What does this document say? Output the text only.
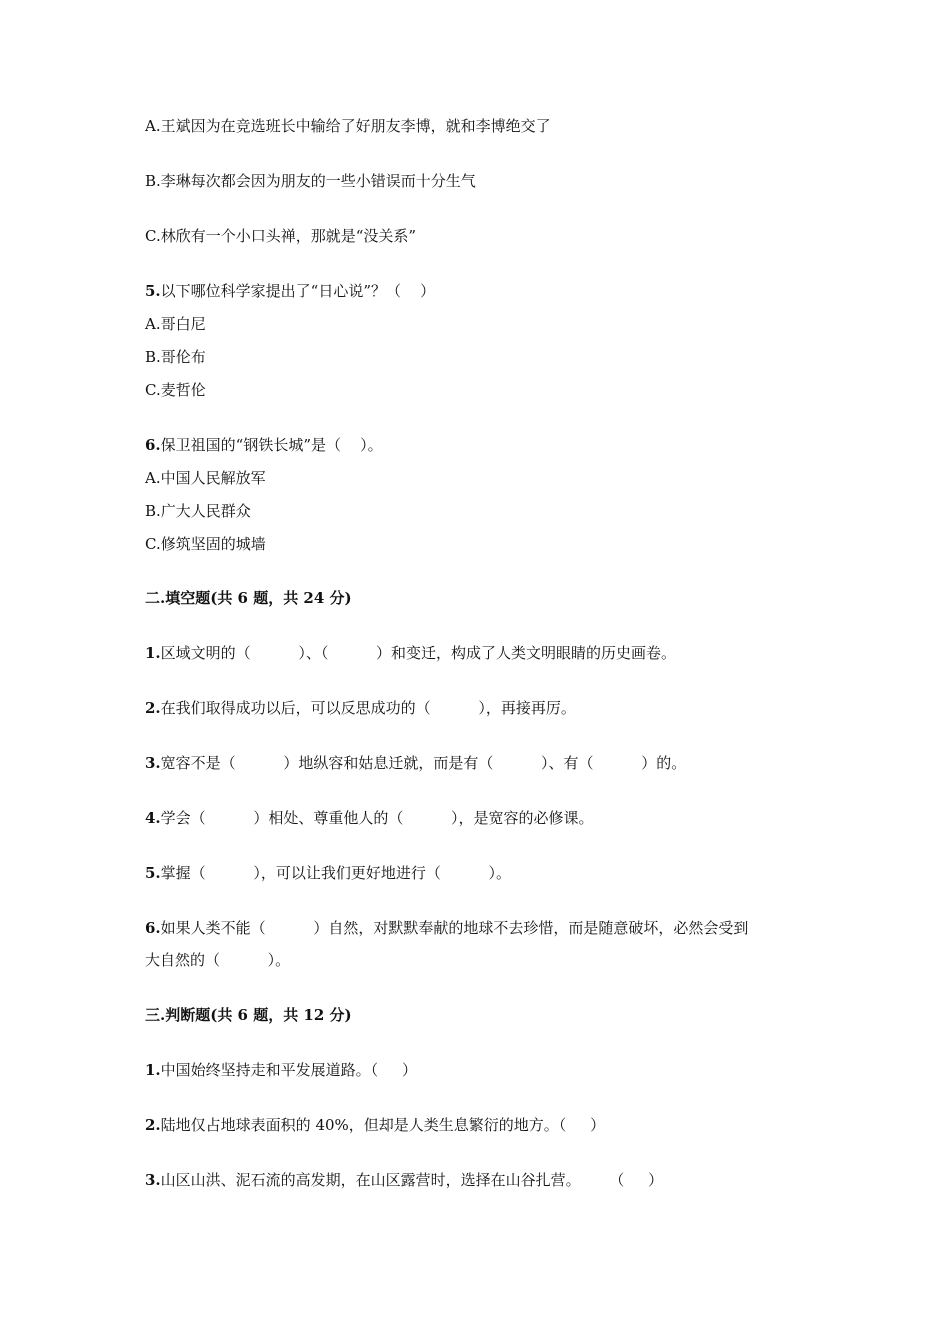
A.王斌因为在竞选班长中输给了好朋友李博，就和李博绝交了
B.李琳每次都会因为朋友的一些小错误而十分生气
C.林欣有一个小口头禅，那就是“没关系”
5.以下哪位科学家提出了“日心说”？（    ）
A.哥白尼
B.哥伦布
C.麦哲伦
6.保卫祖国的“钢铁长城”是（    ）。
A.中国人民解放军
B.广大人民群众
C.修筑坚固的城墙
二.填空题(共 6 题，共 24 分)
1.区域文明的（          ）、（          ）和变迁，构成了人类文明眼睛的历史画卷。
2.在我们取得成功以后，可以反思成功的（          ），再接再厉。
3.宽容不是（          ）地纵容和姑息迁就，而是有（          ）、有（          ）的。
4.学会（          ）相处、尊重他人的（          ），是宽容的必修课。
5.掌握（          ），可以让我们更好地进行（          ）。
6.如果人类不能（          ）自然，对默默奉献的地球不去珍惜，而是随意破坏，必然会受到
大自然的（          ）。
三.判断题(共 6 题，共 12 分)
1.中国始终坚持走和平发展道路。（     ）
2.陆地仅占地球表面积的 40%，但却是人类生息繁衍的地方。（     ）
3.山区山洪、泥石流的高发期，在山区露营时，选择在山谷扎营。      （     ）
